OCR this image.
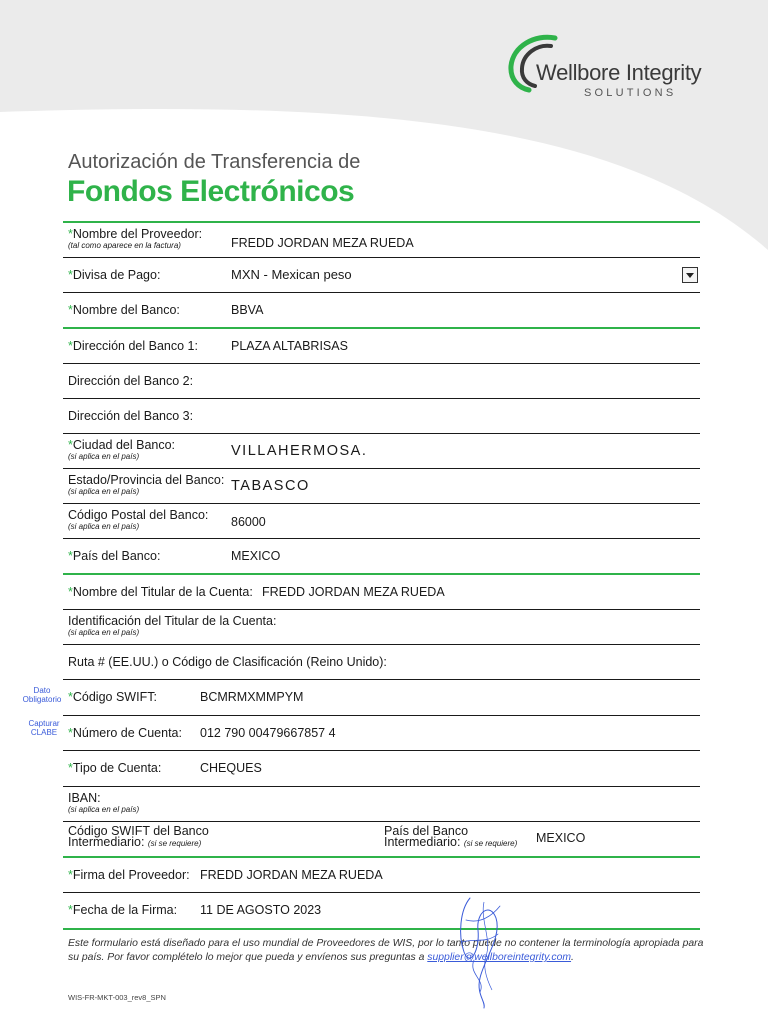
Wellbore Integrity
SOLUTIONS
Autorización de Transferencia de
Fondos Electrónicos
Dato
Obligatorio
Capturar
CLABE
*Nombre del Proveedor:
(tal como aparece en la factura)	FREDD JORDAN MEZA RUEDA
*Divisa de Pago:	MXN - Mexican peso
*Nombre del Banco:	BBVA
*Dirección del Banco 1:	PLAZA ALTABRISAS
Dirección del Banco 2:
Dirección del Banco 3:
*Ciudad del Banco:
(si aplica en el país)	VILLAHERMOSA.
Estado/Provincia del Banco:
(si aplica en el país)	TABASCO
Código Postal del Banco:
(si aplica en el país)	86000
*País del Banco:	MEXICO
*Nombre del Titular de la Cuenta: FREDD JORDAN MEZA RUEDA
Identificación del Titular de la Cuenta:
(si aplica en el país)
Ruta # (EE.UU.) o Código de Clasificación (Reino Unido):
*Código SWIFT:	BCMRMXMMPYM
*Número de Cuenta: 012 790 00479667857 4
*Tipo de Cuenta:	CHEQUES
IBAN:
(si aplica en el país)
Código SWIFT del Banco
Intermediario: (si se requiere)
País del Banco
Intermediario: (si se requiere) MEXICO
*Firma del Proveedor: FREDD JORDAN MEZA RUEDA
*Fecha de la Firma: 11 DE AGOSTO 2023
Este formulario está diseñado para el uso mundial de Proveedores de WIS, por lo tanto puede no contener la terminología apropiada para su país. Por favor complételo lo mejor que pueda y envíenos sus preguntas a supplier@wellboreintegrity.com.
WIS-FR-MKT-003_rev8_SPN
